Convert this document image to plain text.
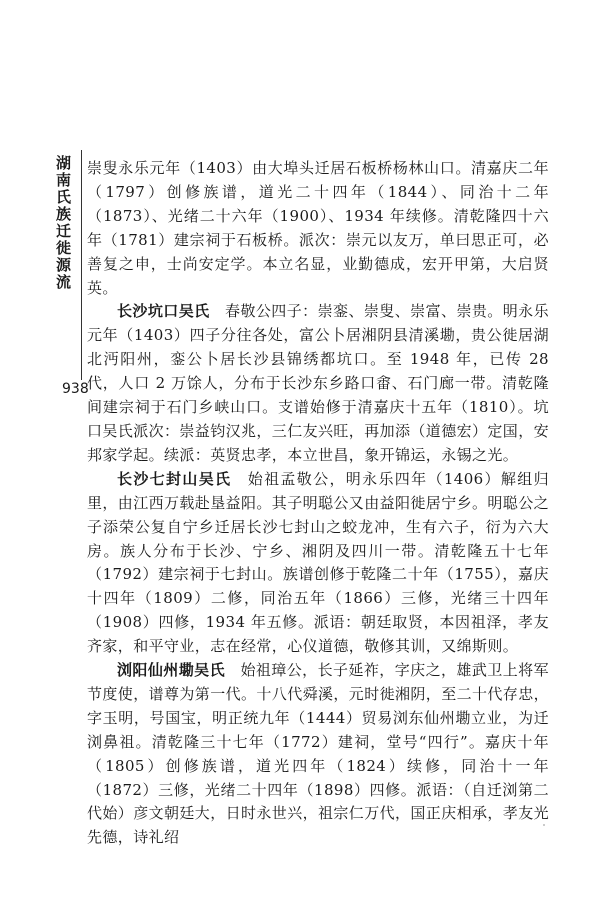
湖南氏族迁徙源流
938

崇叟永乐元年（1403）由大埠头迁居石板桥杨林山口。清嘉庆二年（1797）创修族谱，道光二十四年（1844）、同治十二年（1873）、光绪二十六年（1900）、1934 年续修。清乾隆四十六年（1781）建宗祠于石板桥。派次：崇元以友万，单曰思正可，必善复之申，士尚安定学。本立名显，业勤德成，宏开甲第，大启贤英。

长沙坑口吴氏　 春敬公四子：崇銮、崇叟、崇富、崇贵。明永乐元年（1403）四子分往各处，富公卜居湘阴县清溪墈，贵公徙居湖北沔阳州，銮公卜居长沙县锦绣都坑口。至 1948 年，已传 28 代，人口 2 万馀人，分布于长沙东乡路口畬、石门廊一带。清乾隆间建宗祠于石门乡峡山口。支谱始修于清嘉庆十五年（1810）。坑口吴氏派次：崇益钧汉兆，三仁友兴旺，再加添（道德宏）定国，安邦家学起。续派：英贤忠孝，本立世昌，象开锦运，永锡之光。

长沙七封山吴氏　 始祖孟敬公，明永乐四年（1406）解组归里，由江西万载赴垦益阳。其子明聪公又由益阳徙居宁乡。明聪公之子添荣公复自宁乡迁居长沙七封山之蛟龙冲，生有六子，衍为六大房。族人分布于长沙、宁乡、湘阴及四川一带。清乾隆五十七年（1792）建宗祠于七封山。族谱创修于乾隆二十年（1755），嘉庆十四年（1809）二修，同治五年（1866）三修，光绪三十四年（1908）四修，1934 年五修。派语：朝廷取贤，本因祖泽，孝友齐家，和平守业，志在经常，心仪道德，敬修其训，又绵斯则。

浏阳仙州墈吴氏　 始祖璋公，长子延祚，字庆之，雄武卫上将军节度使，谱尊为第一代。十八代舜溪，元时徙湘阴，至二十代存忠，字玉明，号国宝，明正统九年（1444）贸易浏东仙州墈立业，为迁浏鼻祖。清乾隆三十七年（1772）建祠，堂号“四行”。嘉庆十年（1805）创修族谱，道光四年（1824）续修，同治十一年（1872）三修，光绪二十四年（1898）四修。派语：（自迁浏第二代始）彦文朝廷大，日时永世兴，祖宗仁万代，国正庆相承，孝友光先德，诗礼绍
